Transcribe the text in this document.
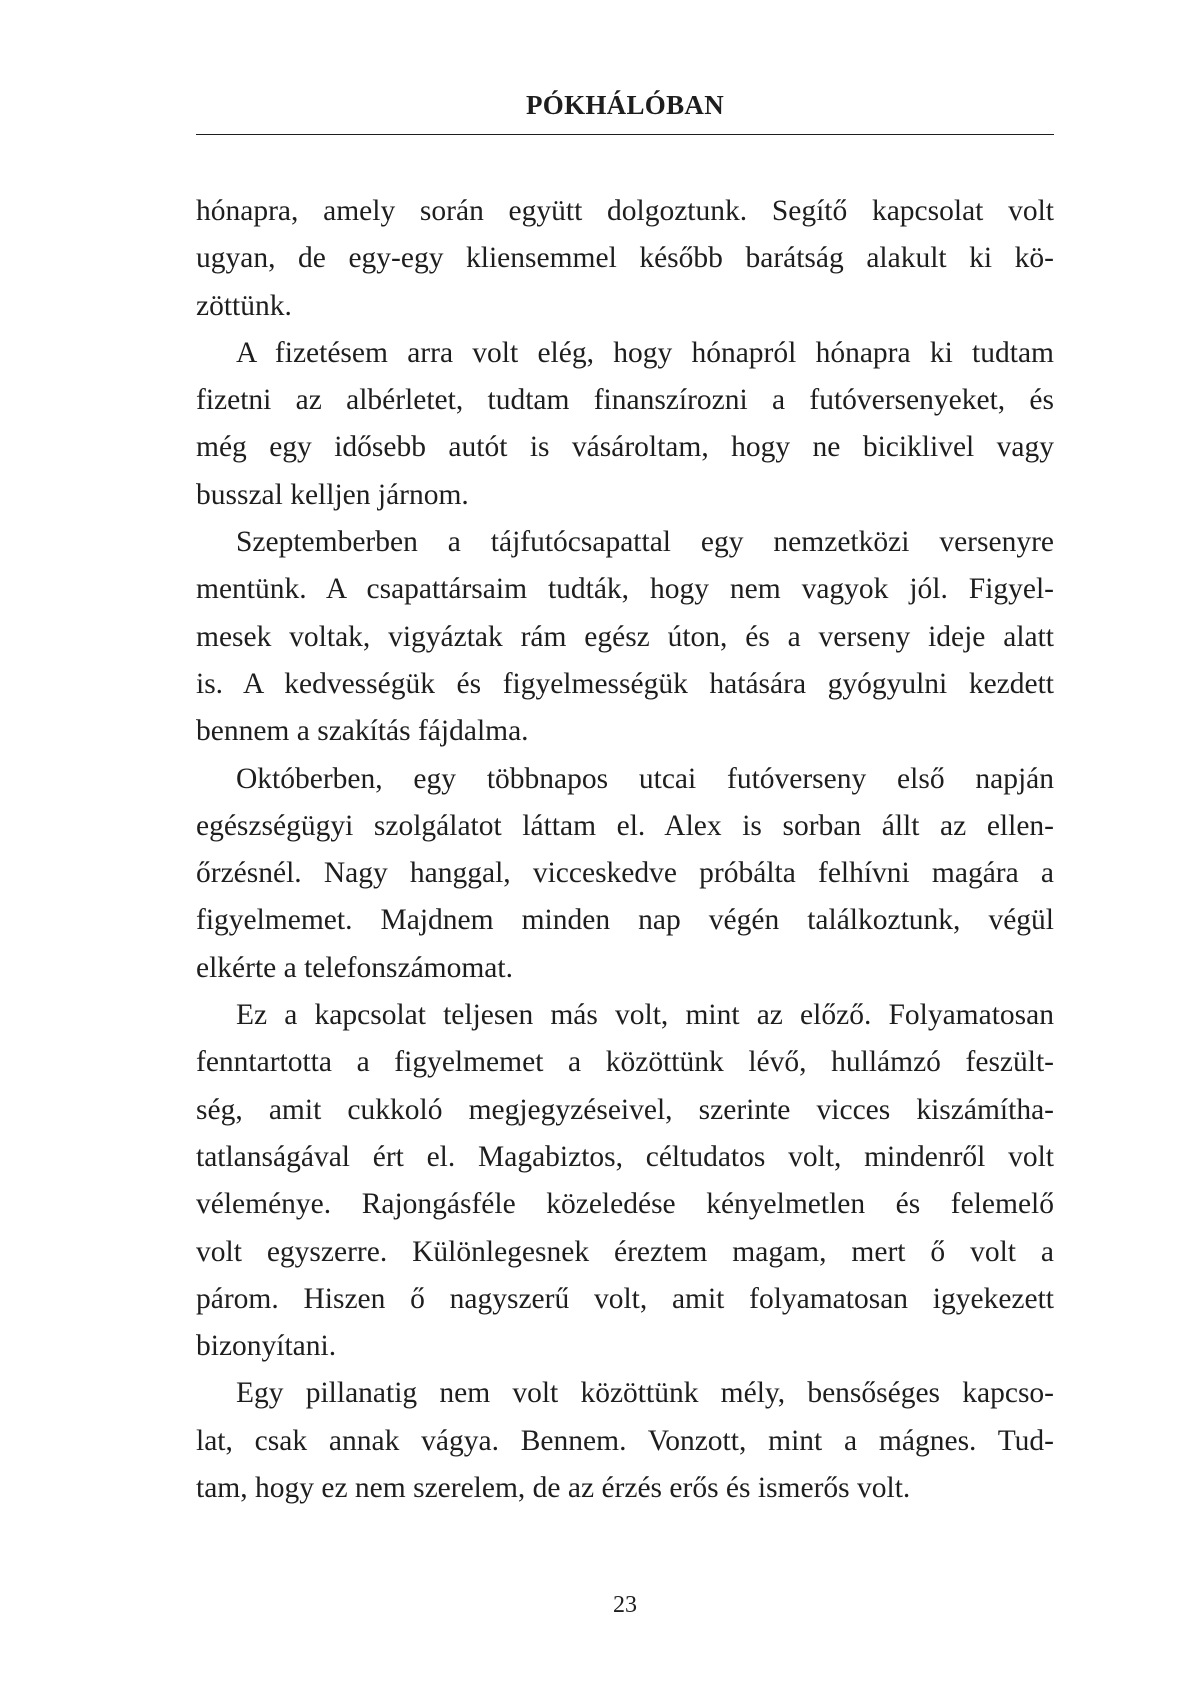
PÓKHÁLÓBAN
hónapra, amely során együtt dolgoztunk. Segítő kapcsolat volt
ugyan, de egy-egy kliensemmel később barátság alakult ki kö-
zöttünk.
A fizetésem arra volt elég, hogy hónapról hónapra ki tudtam
fizetni az albérletet, tudtam finanszírozni a futóversenyeket, és
még egy idősebb autót is vásároltam, hogy ne biciklivel vagy
busszal kelljen járnom.
Szeptemberben a tájfutócsapattal egy nemzetközi versenyre
mentünk. A csapattársaim tudták, hogy nem vagyok jól. Figyel-
mesek voltak, vigyáztak rám egész úton, és a verseny ideje alatt
is. A kedvességük és figyelmességük hatására gyógyulni kezdett
bennem a szakítás fájdalma.
Októberben, egy többnapos utcai futóverseny első napján
egészségügyi szolgálatot láttam el. Alex is sorban állt az ellen-
őrzésnél. Nagy hanggal, vicceskedve próbálta felhívni magára a
figyelmemet. Majdnem minden nap végén találkoztunk, végül
elkérte a telefonszámomat.
Ez a kapcsolat teljesen más volt, mint az előző. Folyamatosan
fenntartotta a figyelmemet a közöttünk lévő, hullámzó feszült-
ség, amit cukkoló megjegyzéseivel, szerinte vicces kiszámítha-
tatlanságával ért el. Magabiztos, céltudatos volt, mindenről volt
véleménye. Rajongásféle közeledése kényelmetlen és felemelő
volt egyszerre. Különlegesnek éreztem magam, mert ő volt a
párom. Hiszen ő nagyszerű volt, amit folyamatosan igyekezett
bizonyítani.
Egy pillanatig nem volt közöttünk mély, bensőséges kapcso-
lat, csak annak vágya. Bennem. Vonzott, mint a mágnes. Tud-
tam, hogy ez nem szerelem, de az érzés erős és ismerős volt.
23
